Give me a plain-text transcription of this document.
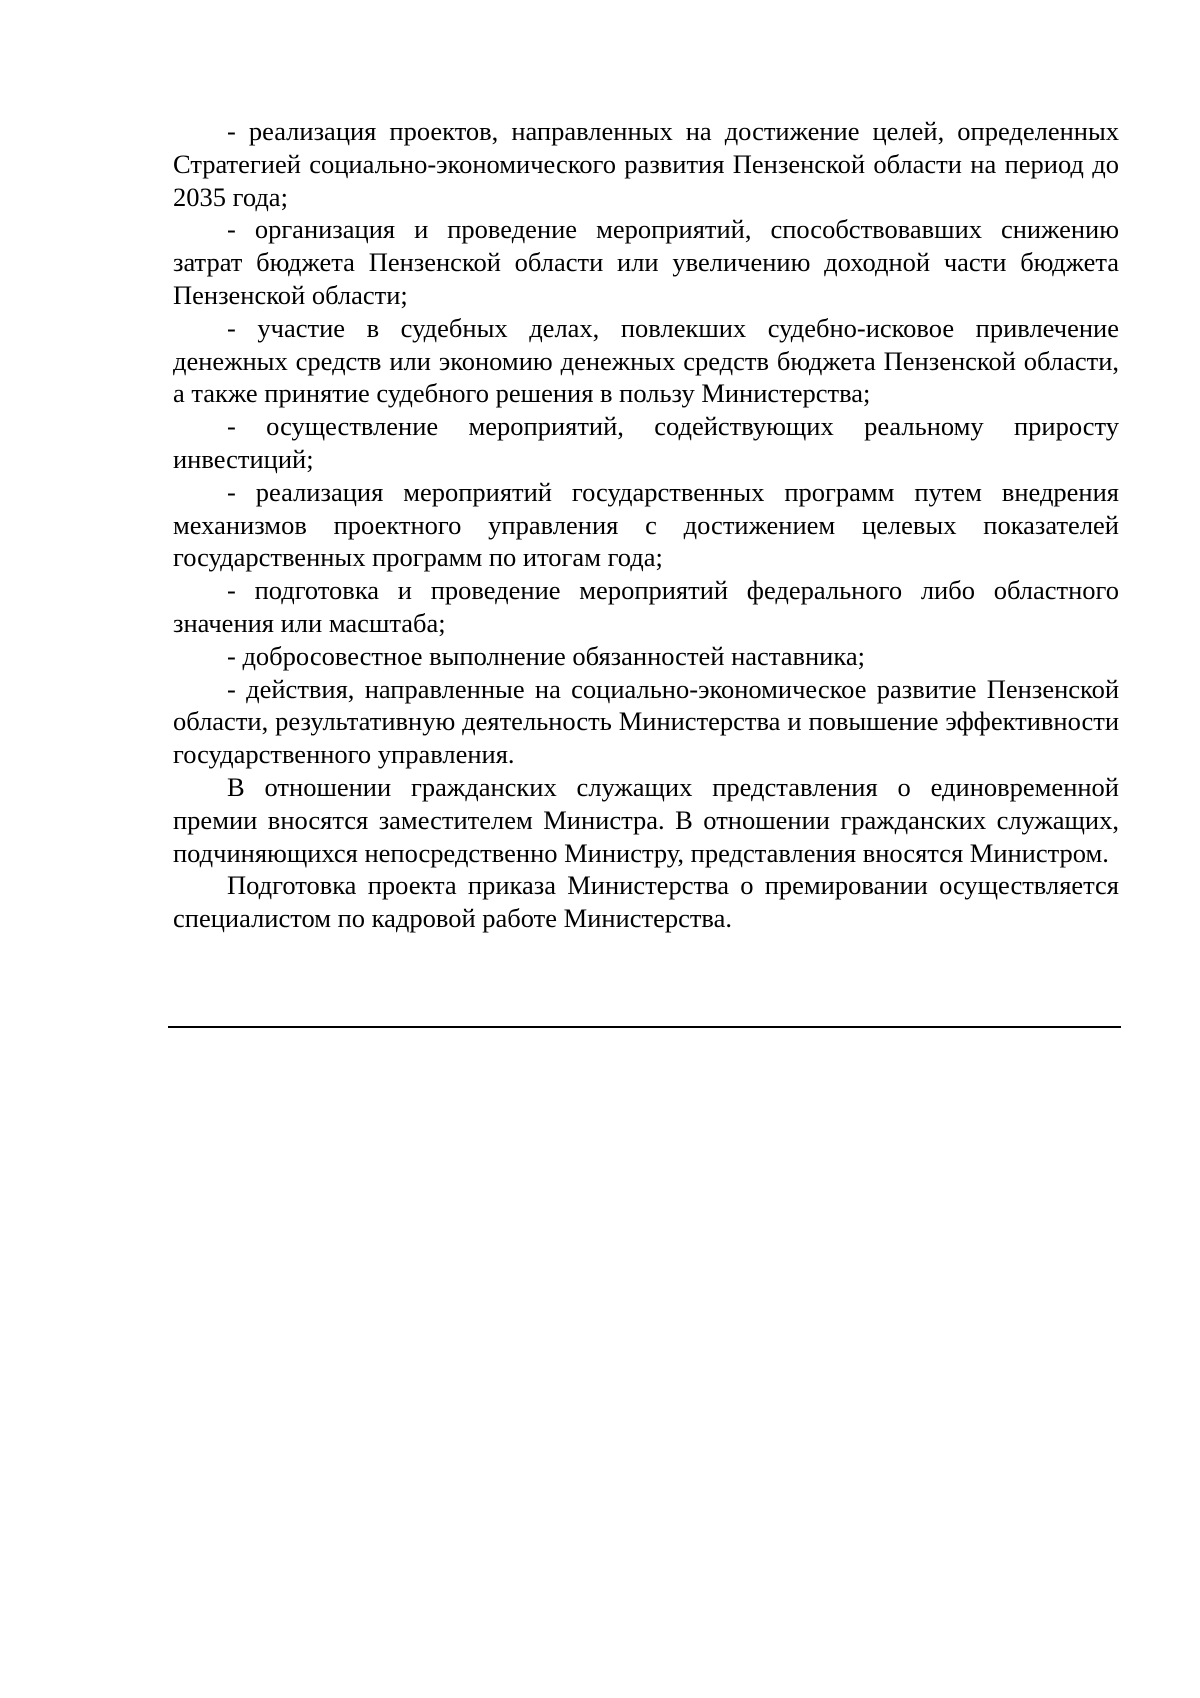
- реализация проектов, направленных на достижение целей, определенных Стратегией социально-экономического развития Пензенской области на период до 2035 года;

- организация и проведение мероприятий, способствовавших снижению затрат бюджета Пензенской области или увеличению доходной части бюджета Пензенской области;

- участие в судебных делах, повлекших судебно-исковое привлечение денежных средств или экономию денежных средств бюджета Пензенской области, а также принятие судебного решения в пользу Министерства;

- осуществление мероприятий, содействующих реальному приросту инвестиций;

- реализация мероприятий государственных программ путем внедрения механизмов проектного управления с достижением целевых показателей государственных программ по итогам года;

- подготовка и проведение мероприятий федерального либо областного значения или масштаба;

- добросовестное выполнение обязанностей наставника;

- действия, направленные на социально-экономическое развитие Пензенской области, результативную деятельность Министерства и повышение эффективности государственного управления.

В отношении гражданских служащих представления о единовременной премии вносятся заместителем Министра. В отношении гражданских служащих, подчиняющихся непосредственно Министру, представления вносятся Министром.

Подготовка проекта приказа Министерства о премировании осуществляется специалистом по кадровой работе Министерства.
